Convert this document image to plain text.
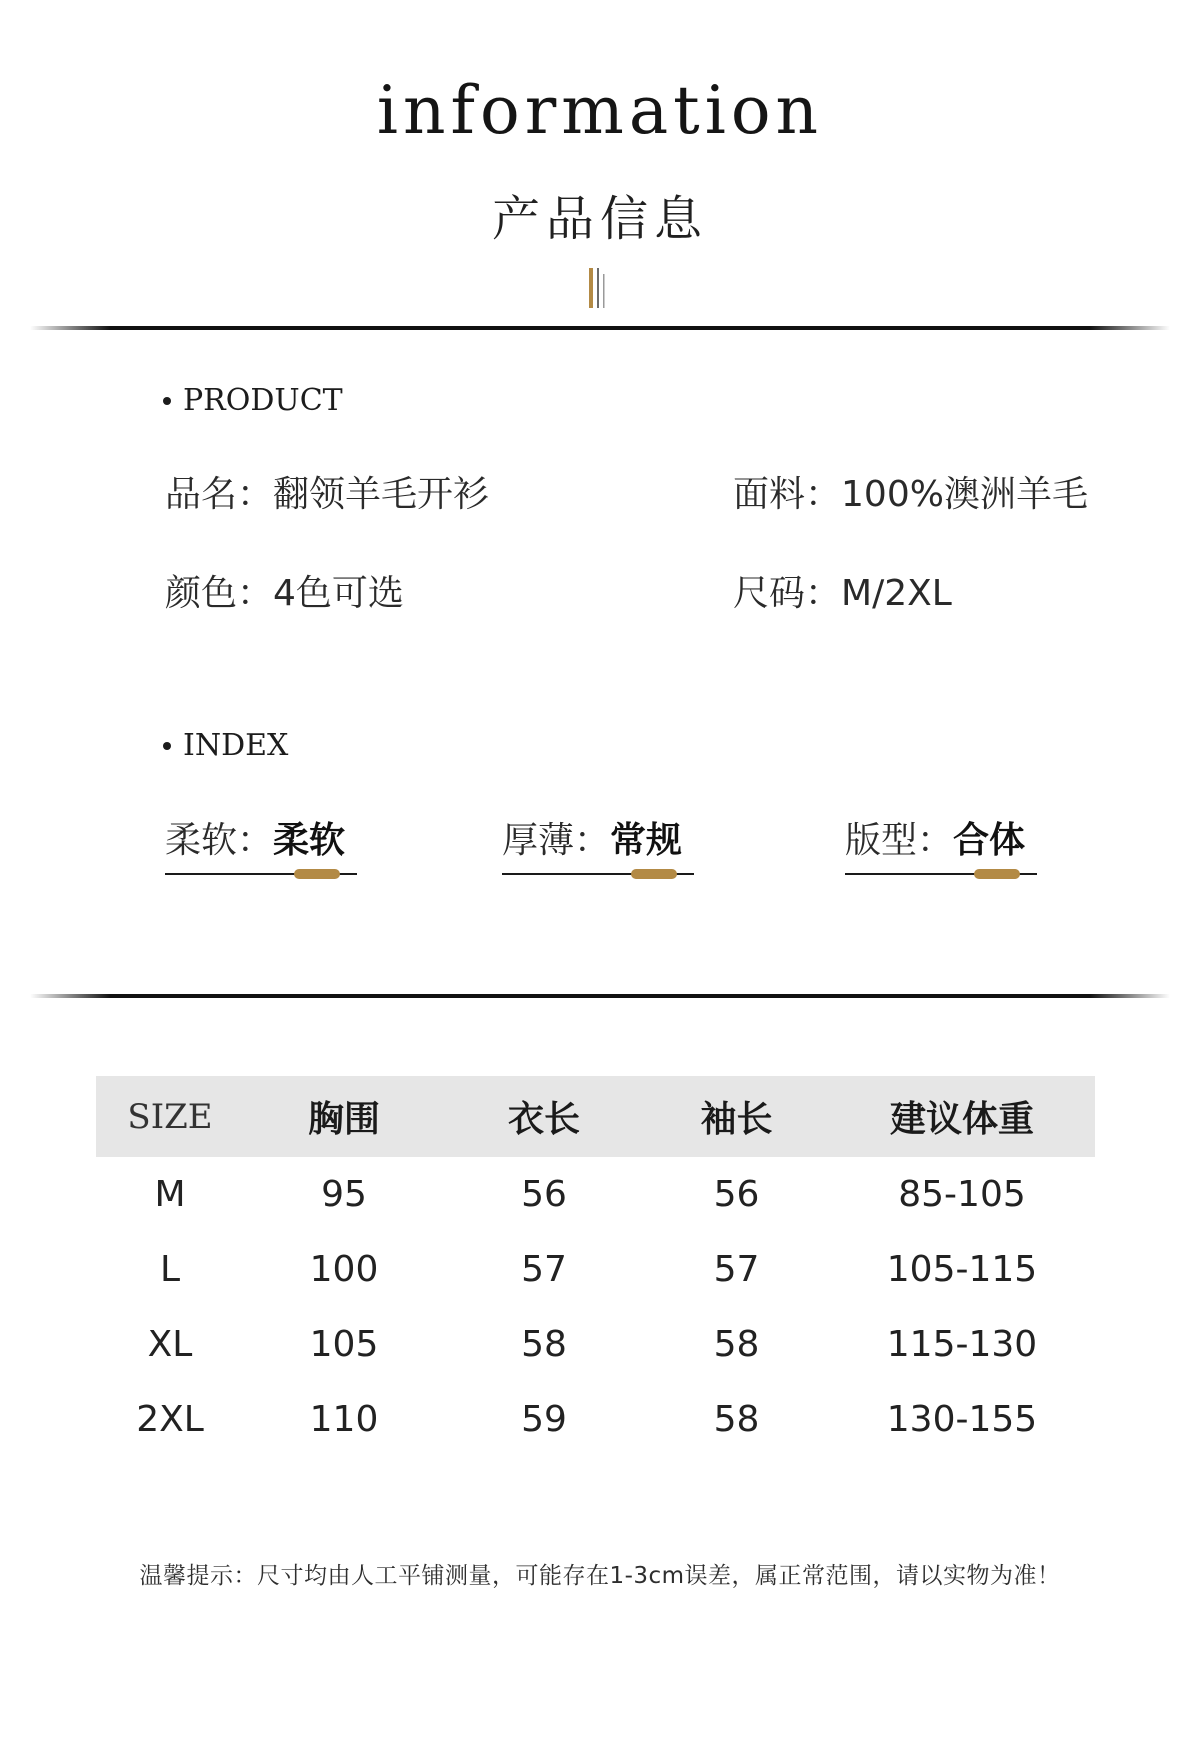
information
产品信息
PRODUCT
品名 ： 翻领羊毛开衫	面料 ： 100%澳洲羊毛
颜色 ： 4色可选	尺码 ： M/2XL
INDEX
柔软 ： 柔软	厚薄 ： 常规	版型 ： 合体
SIZE	胸围	衣长	袖长	建议体重
M	95	56	56	85-105
L	100	57	57	105-115
XL	105	58	58	115-130
2XL	110	59	58	130-155
温馨提示：尺寸均由人工平铺测量，可能存在1-3cm误差，属正常范围，请以实物为准！
